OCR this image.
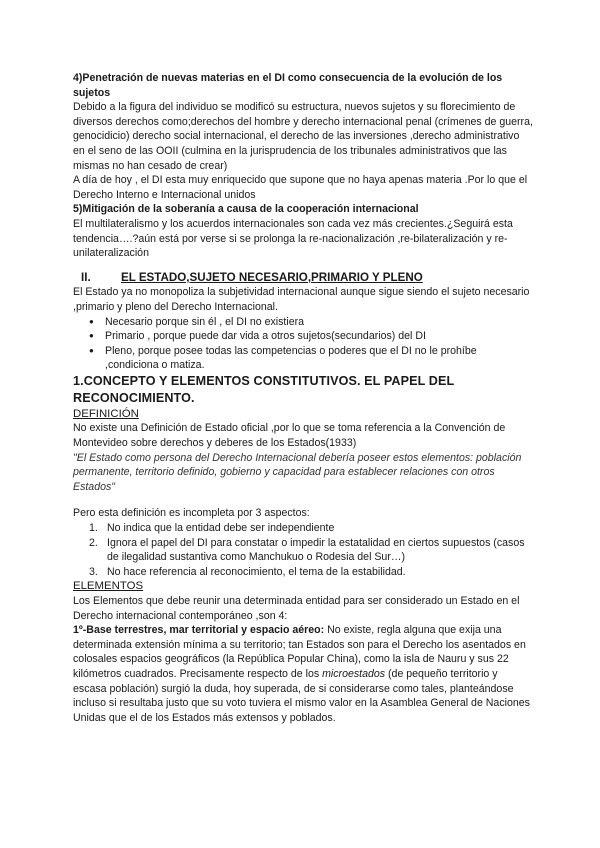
4)Penetración de nuevas materias en el DI como consecuencia de la evolución de los sujetos

Debido a la figura del individuo se modificó su estructura, nuevos sujetos y su florecimiento de diversos derechos como;derechos del hombre y derecho internacional penal (crímenes de guerra, genocidicio) derecho social internacional, el derecho de las inversiones ,derecho administrativo en el seno de las OOII (culmina en la jurisprudencia de los tribunales administrativos que las mismas no han cesado de crear)

A día de hoy , el DI esta muy enriquecido que supone que no haya apenas materia .Por lo que el Derecho Interno e Internacional unidos

5)Mitigación de la soberanía a causa de la cooperación internacional

El multilateralismo y los acuerdos internacionales son cada vez más crecientes.¿Seguirá esta tendencia….?aún está por verse si se prolonga la re-nacionalización ,re-bilateralización y re-unilateralización

II.	EL ESTADO,SUJETO NECESARIO,PRIMARIO Y PLENO

El Estado ya no monopoliza la subjetividad internacional aunque sigue siendo el sujeto necesario ,primario y pleno del Derecho Internacional.

● Necesario porque sin él , el DI no existiera
● Primario , porque puede dar vida a otros sujetos(secundarios) del DI
● Pleno, porque posee todas las competencias o poderes que el DI no le prohíbe ,condiciona o matiza.

1.CONCEPTO Y ELEMENTOS CONSTITUTIVOS. EL PAPEL DEL RECONOCIMIENTO.

DEFINICIÓN

No existe una Definición de Estado oficial ,por lo que se toma referencia a la Convención de Montevideo sobre derechos y deberes de los Estados(1933)

"El Estado como persona del Derecho Internacional debería poseer estos elementos: población permanente, territorio definido, gobierno y capacidad para establecer relaciones con otros Estados"

Pero esta definición es incompleta por 3 aspectos:

1. No indica que la entidad debe ser independiente
2. Ignora el papel del DI para constatar o impedir la estatalidad en ciertos supuestos (casos de ilegalidad sustantiva como Manchukuo o Rodesia del Sur…)
3. No hace referencia al reconocimiento, el tema de la estabilidad.

ELEMENTOS

Los Elementos que debe reunir una determinada entidad para ser considerado un Estado en el Derecho internacional contemporáneo ,son 4:

1º-Base terrestres, mar territorial y espacio aéreo: No existe, regla alguna que exija una determinada extensión mínima a su territorio; tan Estados son para el Derecho los asentados en colosales espacios geográficos (la República Popular China), como la isla de Nauru y sus 22 kilómetros cuadrados. Precisamente respecto de los microestados (de pequeño territorio y escasa población) surgió la duda, hoy superada, de si considerarse como tales, planteándose incluso si resultaba justo que su voto tuviera el mismo valor en la Asamblea General de Naciones Unidas que el de los Estados más extensos y poblados.
